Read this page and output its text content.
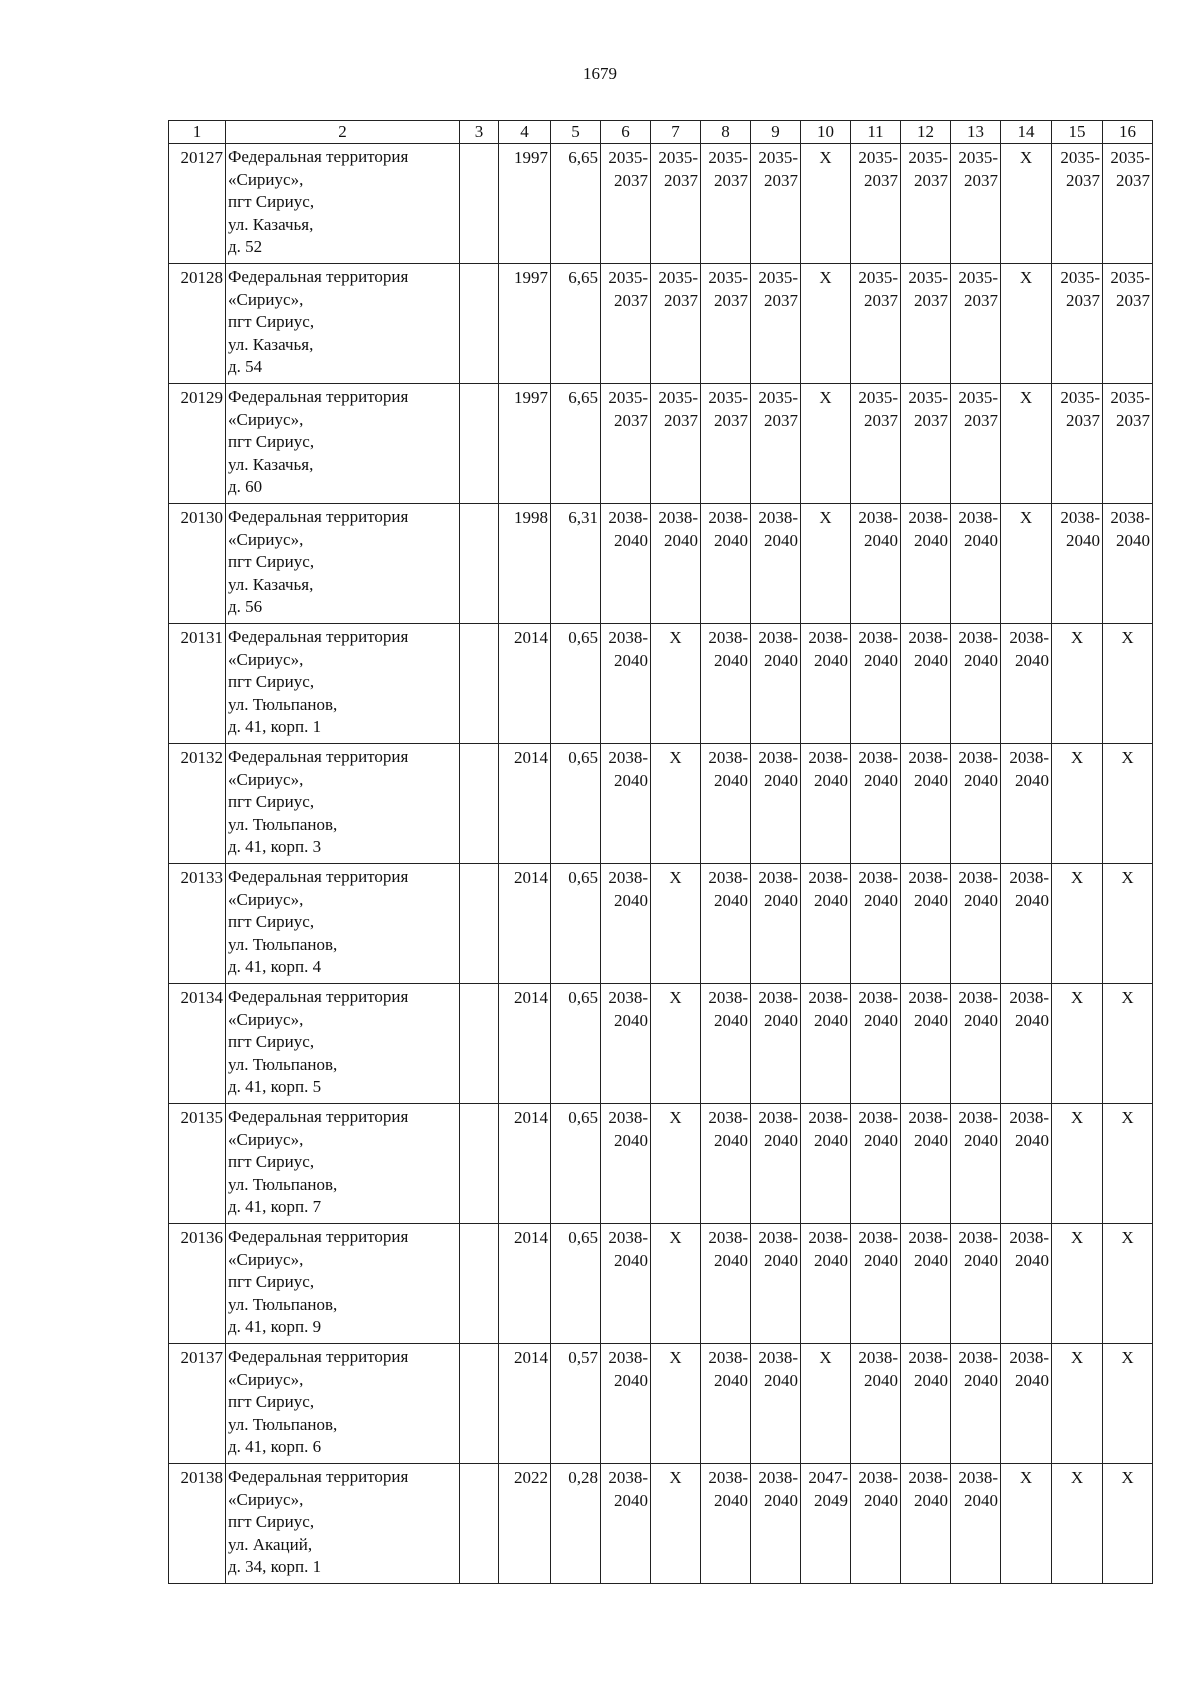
1679
1	2	3	4	5	6	7	8	9	10	11	12	13	14	15	16
20127	Федеральная территория
«Сириус»,
пгт Сириус,
ул. Казачья,
д. 52		1997	6,65	2035-
2037	2035-
2037	2035-
2037	2035-
2037	X	2035-
2037	2035-
2037	2035-
2037	X	2035-
2037	2035-
2037
20128	Федеральная территория
«Сириус»,
пгт Сириус,
ул. Казачья,
д. 54		1997	6,65	2035-
2037	2035-
2037	2035-
2037	2035-
2037	X	2035-
2037	2035-
2037	2035-
2037	X	2035-
2037	2035-
2037
20129	Федеральная территория
«Сириус»,
пгт Сириус,
ул. Казачья,
д. 60		1997	6,65	2035-
2037	2035-
2037	2035-
2037	2035-
2037	X	2035-
2037	2035-
2037	2035-
2037	X	2035-
2037	2035-
2037
20130	Федеральная территория
«Сириус»,
пгт Сириус,
ул. Казачья,
д. 56		1998	6,31	2038-
2040	2038-
2040	2038-
2040	2038-
2040	X	2038-
2040	2038-
2040	2038-
2040	X	2038-
2040	2038-
2040
20131	Федеральная территория
«Сириус»,
пгт Сириус,
ул. Тюльпанов,
д. 41, корп. 1		2014	0,65	2038-
2040	X	2038-
2040	2038-
2040	2038-
2040	2038-
2040	2038-
2040	2038-
2040	2038-
2040	X	X
20132	Федеральная территория
«Сириус»,
пгт Сириус,
ул. Тюльпанов,
д. 41, корп. 3		2014	0,65	2038-
2040	X	2038-
2040	2038-
2040	2038-
2040	2038-
2040	2038-
2040	2038-
2040	2038-
2040	X	X
20133	Федеральная территория
«Сириус»,
пгт Сириус,
ул. Тюльпанов,
д. 41, корп. 4		2014	0,65	2038-
2040	X	2038-
2040	2038-
2040	2038-
2040	2038-
2040	2038-
2040	2038-
2040	2038-
2040	X	X
20134	Федеральная территория
«Сириус»,
пгт Сириус,
ул. Тюльпанов,
д. 41, корп. 5		2014	0,65	2038-
2040	X	2038-
2040	2038-
2040	2038-
2040	2038-
2040	2038-
2040	2038-
2040	2038-
2040	X	X
20135	Федеральная территория
«Сириус»,
пгт Сириус,
ул. Тюльпанов,
д. 41, корп. 7		2014	0,65	2038-
2040	X	2038-
2040	2038-
2040	2038-
2040	2038-
2040	2038-
2040	2038-
2040	2038-
2040	X	X
20136	Федеральная территория
«Сириус»,
пгт Сириус,
ул. Тюльпанов,
д. 41, корп. 9		2014	0,65	2038-
2040	X	2038-
2040	2038-
2040	2038-
2040	2038-
2040	2038-
2040	2038-
2040	2038-
2040	X	X
20137	Федеральная территория
«Сириус»,
пгт Сириус,
ул. Тюльпанов,
д. 41, корп. 6		2014	0,57	2038-
2040	X	2038-
2040	2038-
2040	X	2038-
2040	2038-
2040	2038-
2040	2038-
2040	X	X
20138	Федеральная территория
«Сириус»,
пгт Сириус,
ул. Акаций,
д. 34, корп. 1		2022	0,28	2038-
2040	X	2038-
2040	2038-
2040	2047-
2049	2038-
2040	2038-
2040	2038-
2040	X	X	X
